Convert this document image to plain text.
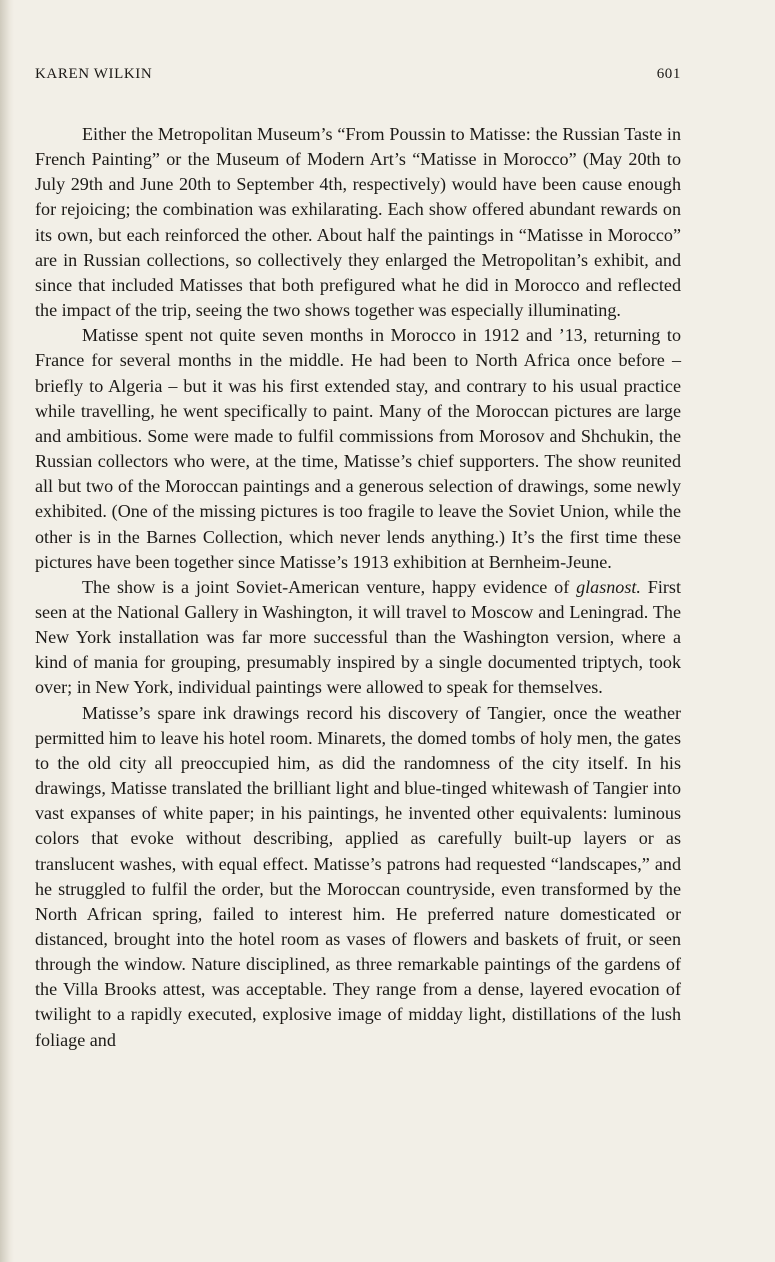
KAREN WILKIN	601

Either the Metropolitan Museum’s “From Poussin to Matisse: the Russian Taste in French Painting” or the Museum of Modern Art’s “Matisse in Morocco” (May 20th to July 29th and June 20th to September 4th, respectively) would have been cause enough for rejoicing; the combination was exhilarating. Each show offered abundant rewards on its own, but each reinforced the other. About half the paintings in “Matisse in Morocco” are in Russian collections, so collectively they enlarged the Metropolitan’s exhibit, and since that included Matisses that both prefigured what he did in Morocco and reflected the impact of the trip, seeing the two shows together was especially illuminating.

Matisse spent not quite seven months in Morocco in 1912 and ’13, returning to France for several months in the middle. He had been to North Africa once before – briefly to Algeria – but it was his first extended stay, and contrary to his usual practice while travelling, he went specifically to paint. Many of the Moroccan pictures are large and ambitious. Some were made to fulfil commissions from Morosov and Shchukin, the Russian collectors who were, at the time, Matisse’s chief supporters. The show reunited all but two of the Moroccan paintings and a generous selection of drawings, some newly exhibited. (One of the missing pictures is too fragile to leave the Soviet Union, while the other is in the Barnes Collection, which never lends anything.) It’s the first time these pictures have been together since Matisse’s 1913 exhibition at Bernheim-Jeune.

The show is a joint Soviet-American venture, happy evidence of glasnost. First seen at the National Gallery in Washington, it will travel to Moscow and Leningrad. The New York installation was far more successful than the Washington version, where a kind of mania for grouping, presumably inspired by a single documented triptych, took over; in New York, individual paintings were allowed to speak for themselves.

Matisse’s spare ink drawings record his discovery of Tangier, once the weather permitted him to leave his hotel room. Minarets, the domed tombs of holy men, the gates to the old city all preoccupied him, as did the randomness of the city itself. In his drawings, Matisse translated the brilliant light and blue-tinged whitewash of Tangier into vast expanses of white paper; in his paintings, he invented other equivalents: luminous colors that evoke without describing, applied as carefully built-up layers or as translucent washes, with equal effect. Matisse’s patrons had requested “landscapes,” and he struggled to fulfil the order, but the Moroccan countryside, even transformed by the North African spring, failed to interest him. He preferred nature domesticated or distanced, brought into the hotel room as vases of flowers and baskets of fruit, or seen through the window. Nature disciplined, as three remarkable paintings of the gardens of the Villa Brooks attest, was acceptable. They range from a dense, layered evocation of twilight to a rapidly executed, explosive image of midday light, distillations of the lush foliage and
